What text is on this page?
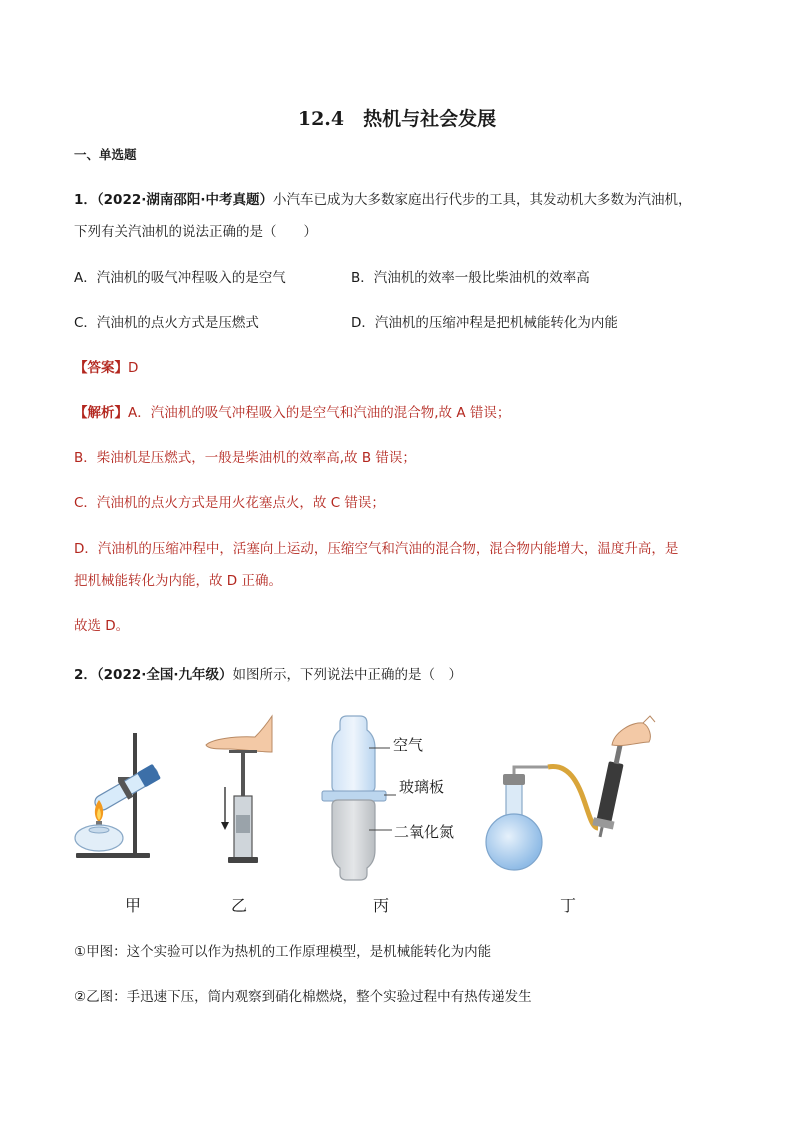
12.4　热机与社会发展
一、单选题
1．（2022·湖南邵阳·中考真题）小汽车已成为大多数家庭出行代步的工具，其发动机大多数为汽油机，
下列有关汽油机的说法正确的是（　　）
A．汽油机的吸气冲程吸入的是空气	B．汽油机的效率一般比柴油机的效率高
C．汽油机的点火方式是压燃式	D．汽油机的压缩冲程是把机械能转化为内能
【答案】D
【解析】A．汽油机的吸气冲程吸入的是空气和汽油的混合物,故 A 错误；
B．柴油机是压燃式，一般是柴油机的效率高,故 B 错误；
C．汽油机的点火方式是用火花塞点火，故 C 错误；
D．汽油机的压缩冲程中，活塞向上运动，压缩空气和汽油的混合物，混合物内能增大，温度升高，是
把机械能转化为内能，故 D 正确。
故选 D。
2．（2022·全国·九年级）如图所示，下列说法中正确的是（　）
空气
玻璃板
二氧化氮
甲	乙	丙	丁
①甲图：这个实验可以作为热机的工作原理模型，是机械能转化为内能
②乙图：手迅速下压，筒内观察到硝化棉燃烧，整个实验过程中有热传递发生
